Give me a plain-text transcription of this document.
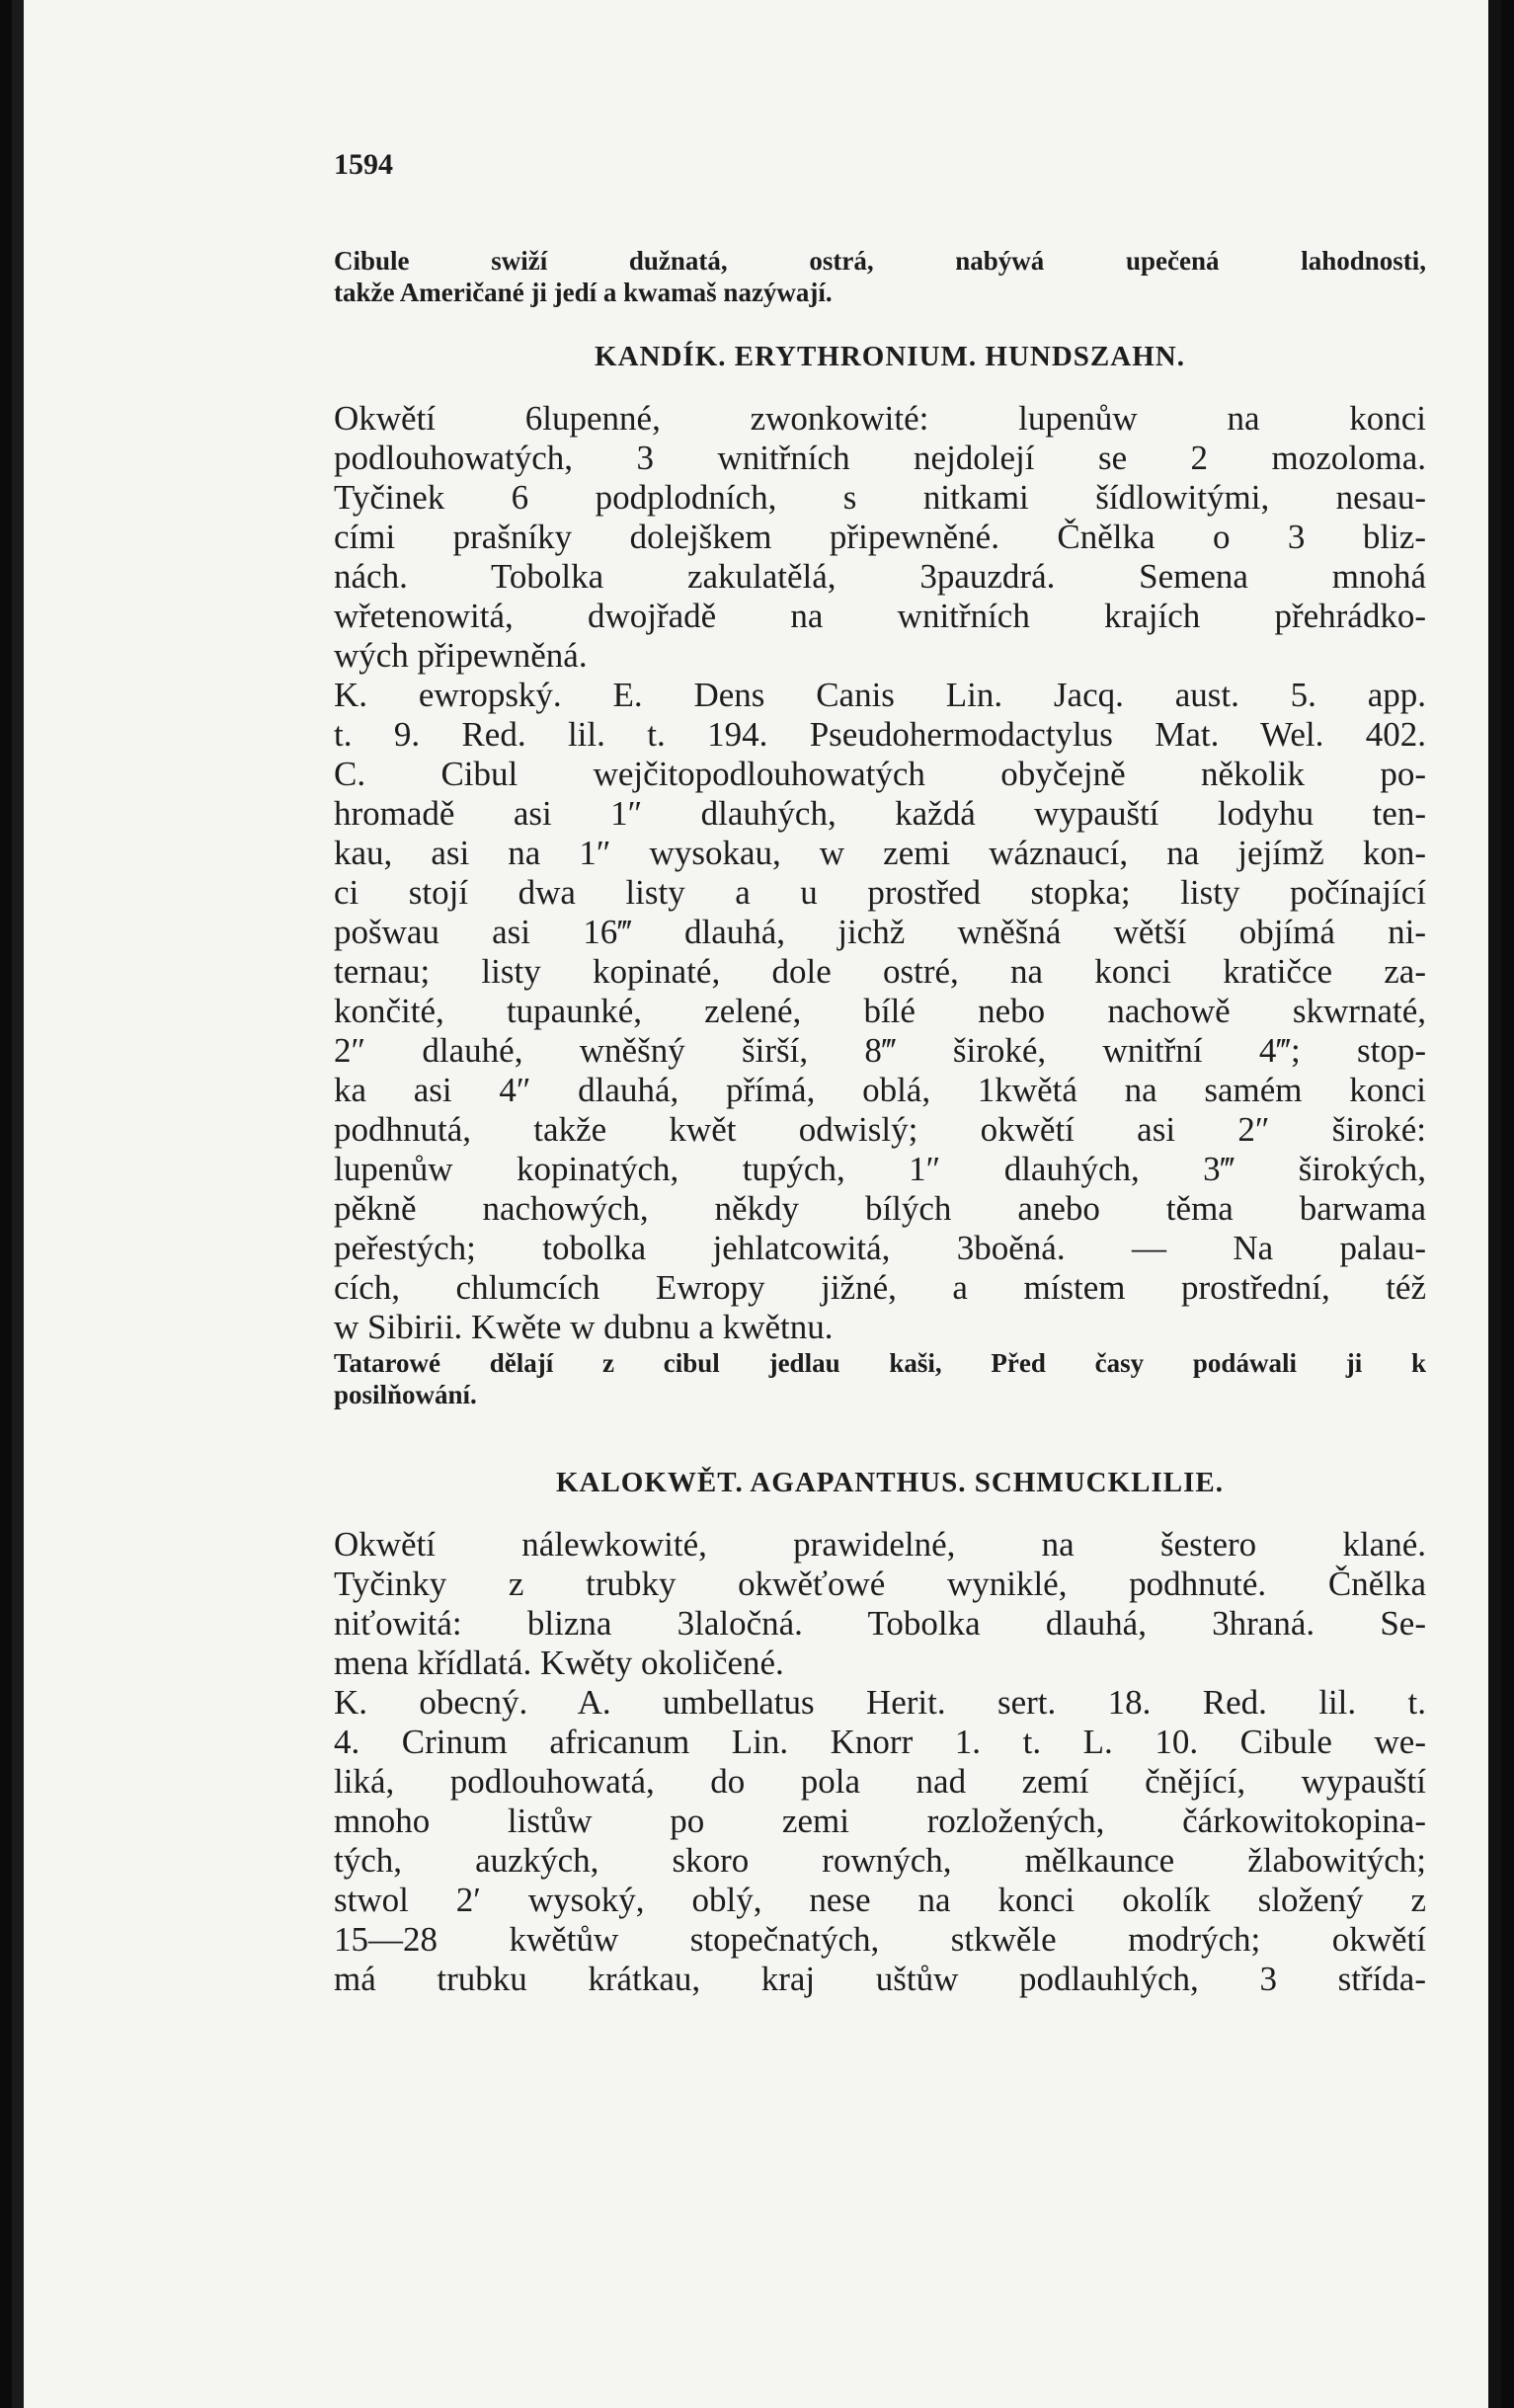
1594
Cibule swiží dužnatá, ostrá, nabýwá upečená lahodnosti,
takže Američané ji jedí a kwamaš nazýwají.
KANDÍK. ERYTHRONIUM. HUNDSZAHN.
Okwětí 6lupenné, zwonkowité: lupenůw na konci
podlouhowatých, 3 wnitřních nejdolejí se 2 mozoloma.
Tyčinek 6 podplodních, s nitkami šídlowitými, nesau-
cími prašníky dolejškem připewněné. Čnělka o 3 bliz-
nách. Tobolka zakulatělá, 3pauzdrá. Semena mnohá
wřetenowitá, dwojřadě na wnitřních krajích přehrádko-
wých připewněná.
K. ewropský. E. Dens Canis Lin. Jacq. aust. 5. app.
t. 9. Red. lil. t. 194. Pseudohermodactylus Mat. Wel. 402.
C. Cibul wejčitopodlouhowatých obyčejně několik po-
hromadě asi 1″ dlauhých, každá wypauští lodyhu ten-
kau, asi na 1″ wysokau, w zemi wáznaucí, na jejímž kon-
ci stojí dwa listy a u prostřed stopka; listy počínající
pošwau asi 16‴ dlauhá, jichž wněšná wětší objímá ni-
ternau; listy kopinaté, dole ostré, na konci kratičce za-
končité, tupaunké, zelené, bílé nebo nachowě skwrnaté,
2″ dlauhé, wněšný širší, 8‴ široké, wnitřní 4‴; stop-
ka asi 4″ dlauhá, přímá, oblá, 1kwětá na samém konci
podhnutá, takže kwět odwislý; okwětí asi 2″ široké:
lupenůw kopinatých, tupých, 1″ dlauhých, 3‴ širokých,
pěkně nachowých, někdy bílých anebo těma barwama
peřestých; tobolka jehlatcowitá, 3boěná. — Na palau-
cích, chlumcích Ewropy jižné, a místem prostřední, též
w Sibirii. Kwěte w dubnu a kwětnu.
Tatarowé dělají z cibul jedlau kaši, Před časy podáwali ji k
posilňowání.
KALOKWĚT. AGAPANTHUS. SCHMUCKLILIE.
Okwětí nálewkowité, prawidelné, na šestero klané.
Tyčinky z trubky okwěťowé wyniklé, podhnuté. Čnělka
niťowitá: blizna 3laločná. Tobolka dlauhá, 3hraná. Se-
mena křídlatá. Kwěty okoličené.
K. obecný. A. umbellatus Herit. sert. 18. Red. lil. t.
4. Crinum africanum Lin. Knorr 1. t. L. 10. Cibule we-
liká, podlouhowatá, do pola nad zemí čnějící, wypauští
mnoho listůw po zemi rozložených, čárkowitokopina-
tých, auzkých, skoro rowných, mělkaunce žlabowitých;
stwol 2′ wysoký, oblý, nese na konci okolík složený z
15—28 kwětůw stopečnatých, stkwěle modrých; okwětí
má trubku krátkau, kraj uštůw podlauhlých, 3 střída-
